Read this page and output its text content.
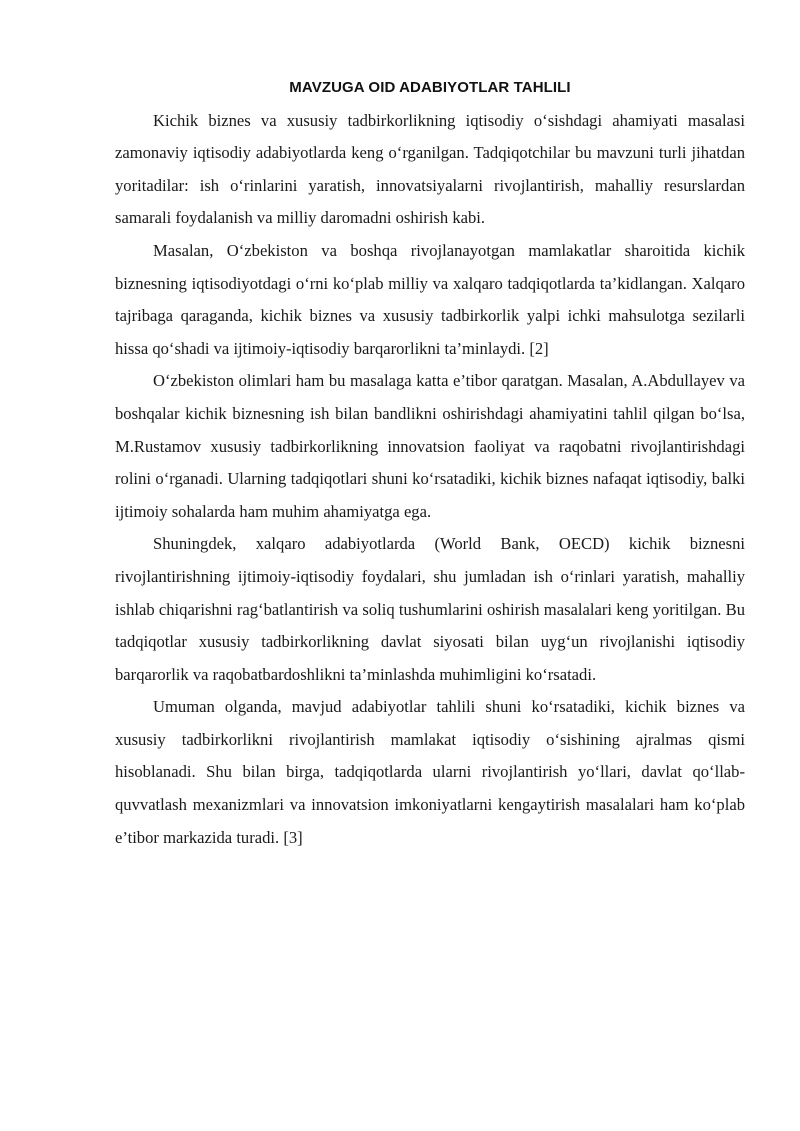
MAVZUGA OID ADABIYOTLAR TAHLILI

Kichik biznes va xususiy tadbirkorlikning iqtisodiy o‘sishdagi ahamiyati masalasi zamonaviy iqtisodiy adabiyotlarda keng o‘rganilgan. Tadqiqotchilar bu mavzuni turli jihatdan yoritadilar: ish o‘rinlarini yaratish, innovatsiyalarni rivojlantirish, mahalliy resurslardan samarali foydalanish va milliy daromadni oshirish kabi.

Masalan, O‘zbekiston va boshqa rivojlanayotgan mamlakatlar sharoitida kichik biznesning iqtisodiyotdagi o‘rni ko‘plab milliy va xalqaro tadqiqotlarda ta’kidlangan. Xalqaro tajribaga qaraganda, kichik biznes va xususiy tadbirkorlik yalpi ichki mahsulotga sezilarli hissa qo‘shadi va ijtimoiy-iqtisodiy barqarorlikni ta’minlaydi. [2]

O‘zbekiston olimlari ham bu masalaga katta e’tibor qaratgan. Masalan, A.Abdullayev va boshqalar kichik biznesning ish bilan bandlikni oshirishdagi ahamiyatini tahlil qilgan bo‘lsa, M.Rustamov xususiy tadbirkorlikning innovatsion faoliyat va raqobatni rivojlantirishdagi rolini o‘rganadi. Ularning tadqiqotlari shuni ko‘rsatadiki, kichik biznes nafaqat iqtisodiy, balki ijtimoiy sohalarda ham muhim ahamiyatga ega.

Shuningdek, xalqaro adabiyotlarda (World Bank, OECD) kichik biznesni rivojlantirishning ijtimoiy-iqtisodiy foydalari, shu jumladan ish o‘rinlari yaratish, mahalliy ishlab chiqarishni rag‘batlantirish va soliq tushumlarini oshirish masalalari keng yoritilgan. Bu tadqiqotlar xususiy tadbirkorlikning davlat siyosati bilan uyg‘un rivojlanishi iqtisodiy barqarorlik va raqobatbardoshlikni ta’minlashda muhimligini ko‘rsatadi.

Umuman olganda, mavjud adabiyotlar tahlili shuni ko‘rsatadiki, kichik biznes va xususiy tadbirkorlikni rivojlantirish mamlakat iqtisodiy o‘sishining ajralmas qismi hisoblanadi. Shu bilan birga, tadqiqotlarda ularni rivojlantirish yo‘llari, davlat qo‘llab-quvvatlash mexanizmlari va innovatsion imkoniyatlarni kengaytirish masalalari ham ko‘plab e’tibor markazida turadi. [3]
